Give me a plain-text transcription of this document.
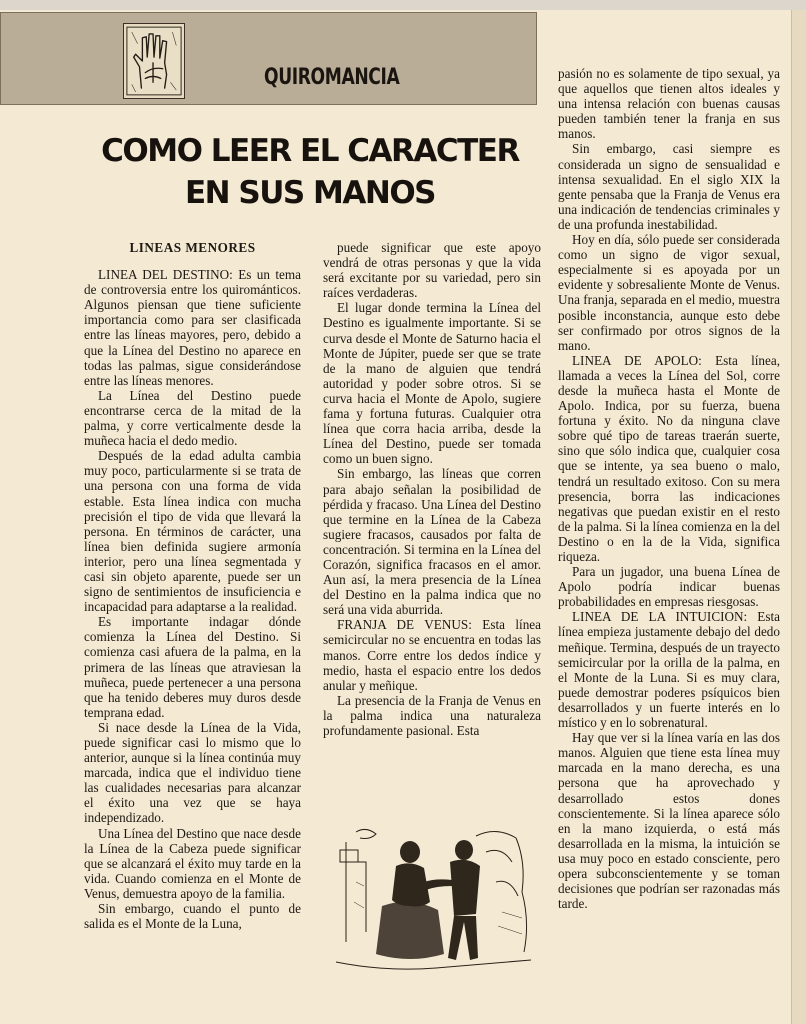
QUIROMANCIA
COMO LEER EL CARACTER
EN SUS MANOS

LINEAS MENORES

LINEA DEL DESTINO: Es un tema de controversia entre los quirománticos. Algunos piensan que tiene suficiente importancia como para ser clasificada entre las líneas mayores, pero, debido a que la Línea del Destino no aparece en todas las palmas, sigue considerándose entre las líneas menores.

La Línea del Destino puede encontrarse cerca de la mitad de la palma, y corre verticalmente desde la muñeca hacia el dedo medio.

Después de la edad adulta cambia muy poco, particularmente si se trata de una persona con una forma de vida estable. Esta línea indica con mucha precisión el tipo de vida que llevará la persona. En términos de carácter, una línea bien definida sugiere armonía interior, pero una línea segmentada y casi sin objeto aparente, puede ser un signo de sentimientos de insuficiencia e incapacidad para adaptarse a la realidad.

Es importante indagar dónde comienza la Línea del Destino. Si comienza casi afuera de la palma, en la primera de las líneas que atraviesan la muñeca, puede pertenecer a una persona que ha tenido deberes muy duros desde temprana edad.

Si nace desde la Línea de la Vida, puede significar casi lo mismo que lo anterior, aunque si la línea continúa muy marcada, indica que el individuo tiene las cualidades necesarias para alcanzar el éxito una vez que se haya independizado.

Una Línea del Destino que nace desde la Línea de la Cabeza puede significar que se alcanzará el éxito muy tarde en la vida. Cuando comienza en el Monte de Venus, demuestra apoyo de la familia.

Sin embargo, cuando el punto de salida es el Monte de la Luna,

puede significar que este apoyo vendrá de otras personas y que la vida será excitante por su variedad, pero sin raíces verdaderas.

El lugar donde termina la Línea del Destino es igualmente importante. Si se curva desde el Monte de Saturno hacia el Monte de Júpiter, puede ser que se trate de la mano de alguien que tendrá autoridad y poder sobre otros. Si se curva hacia el Monte de Apolo, sugiere fama y fortuna futuras. Cualquier otra línea que corra hacia arriba, desde la Línea del Destino, puede ser tomada como un buen signo.

Sin embargo, las líneas que corren para abajo señalan la posibilidad de pérdida y fracaso. Una Línea del Destino que termine en la Línea de la Cabeza sugiere fracasos, causados por falta de concentración. Si termina en la Línea del Corazón, significa fracasos en el amor. Aun así, la mera presencia de la Línea del Destino en la palma indica que no será una vida aburrida.

FRANJA DE VENUS: Esta línea semicircular no se encuentra en todas las manos. Corre entre los dedos índice y medio, hasta el espacio entre los dedos anular y meñique.

La presencia de la Franja de Venus en la palma indica una naturaleza profundamente pasional. Esta

pasión no es solamente de tipo sexual, ya que aquellos que tienen altos ideales y una intensa relación con buenas causas pueden también tener la franja en sus manos.

Sin embargo, casi siempre es considerada un signo de sensualidad e intensa sexualidad. En el siglo XIX la gente pensaba que la Franja de Venus era una indicación de tendencias criminales y de una profunda inestabilidad.

Hoy en día, sólo puede ser considerada como un signo de vigor sexual, especialmente si es apoyada por un evidente y sobresaliente Monte de Venus. Una franja, separada en el medio, muestra posible inconstancia, aunque esto debe ser confirmado por otros signos de la mano.

LINEA DE APOLO: Esta línea, llamada a veces la Línea del Sol, corre desde la muñeca hasta el Monte de Apolo. Indica, por su fuerza, buena fortuna y éxito. No da ninguna clave sobre qué tipo de tareas traerán suerte, sino que sólo indica que, cualquier cosa que se intente, ya sea bueno o malo, tendrá un resultado exitoso. Con su mera presencia, borra las indicaciones negativas que puedan existir en el resto de la palma. Si la línea comienza en la del Destino o en la de la Vida, significa riqueza.

Para un jugador, una buena Línea de Apolo podría indicar buenas probabilidades en empresas riesgosas.

LINEA DE LA INTUICION: Esta línea empieza justamente debajo del dedo meñique. Termina, después de un trayecto semicircular por la orilla de la palma, en el Monte de la Luna. Si es muy clara, puede demostrar poderes psíquicos bien desarrollados y un fuerte interés en lo místico y en lo sobrenatural.

Hay que ver si la línea varía en las dos manos. Alguien que tiene esta línea muy marcada en la mano derecha, es una persona que ha aprovechado y desarrollado estos dones conscientemente. Si la línea aparece sólo en la mano izquierda, o está más desarrollada en la misma, la intuición se usa muy poco en estado consciente, pero opera subconscientemente y se toman decisiones que podrían ser razonadas más tarde.
